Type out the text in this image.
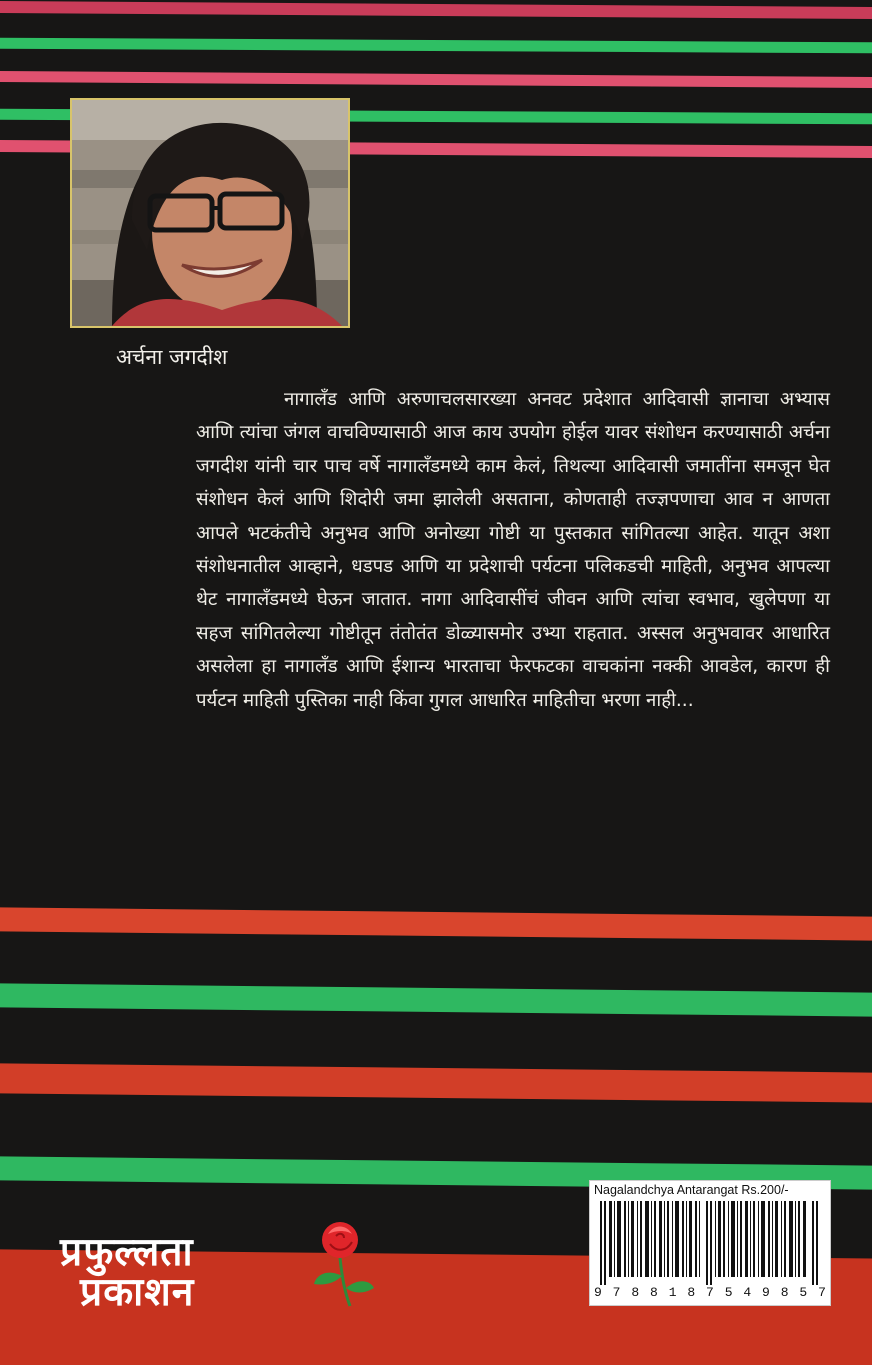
अर्चना जगदीश

नागालँड आणि अरुणाचलसारख्या अनवट प्रदेशात आदिवासी ज्ञानाचा अभ्यास आणि त्यांचा जंगल वाचविण्यासाठी आज काय उपयोग होईल यावर संशोधन करण्यासाठी अर्चना जगदीश यांनी चार पाच वर्षे नागालँडमध्ये काम केलं, तिथल्या आदिवासी जमातींना समजून घेत संशोधन केलं आणि शिदोरी जमा झालेली असताना, कोणताही तज्ज्ञपणाचा आव न आणता आपले भटकंतीचे अनुभव आणि अनोख्या गोष्टी या पुस्तकात सांगितल्या आहेत. यातून अशा संशोधनातील आव्हाने, धडपड आणि या प्रदेशाची पर्यटना पलिकडची माहिती, अनुभव आपल्या थेट नागालँडमध्ये घेऊन जातात. नागा आदिवासींचं जीवन आणि त्यांचा स्वभाव, खुलेपणा या सहज सांगितलेल्या गोष्टीतून तंतोतंत डोळ्यासमोर उभ्या राहतात. अस्सल अनुभवावर आधारित असलेला हा नागालँड आणि ईशान्य भारताचा फेरफटका वाचकांना नक्की आवडेल, कारण ही पर्यटन माहिती पुस्तिका नाही किंवा गुगल आधारित माहितीचा भरणा नाही...

Nagalandchya Antarangat Rs.200/-
9 7 8 8 1 8 7 5 4 9 8 5 7
प्रफुल्लता
प्रकाशन
